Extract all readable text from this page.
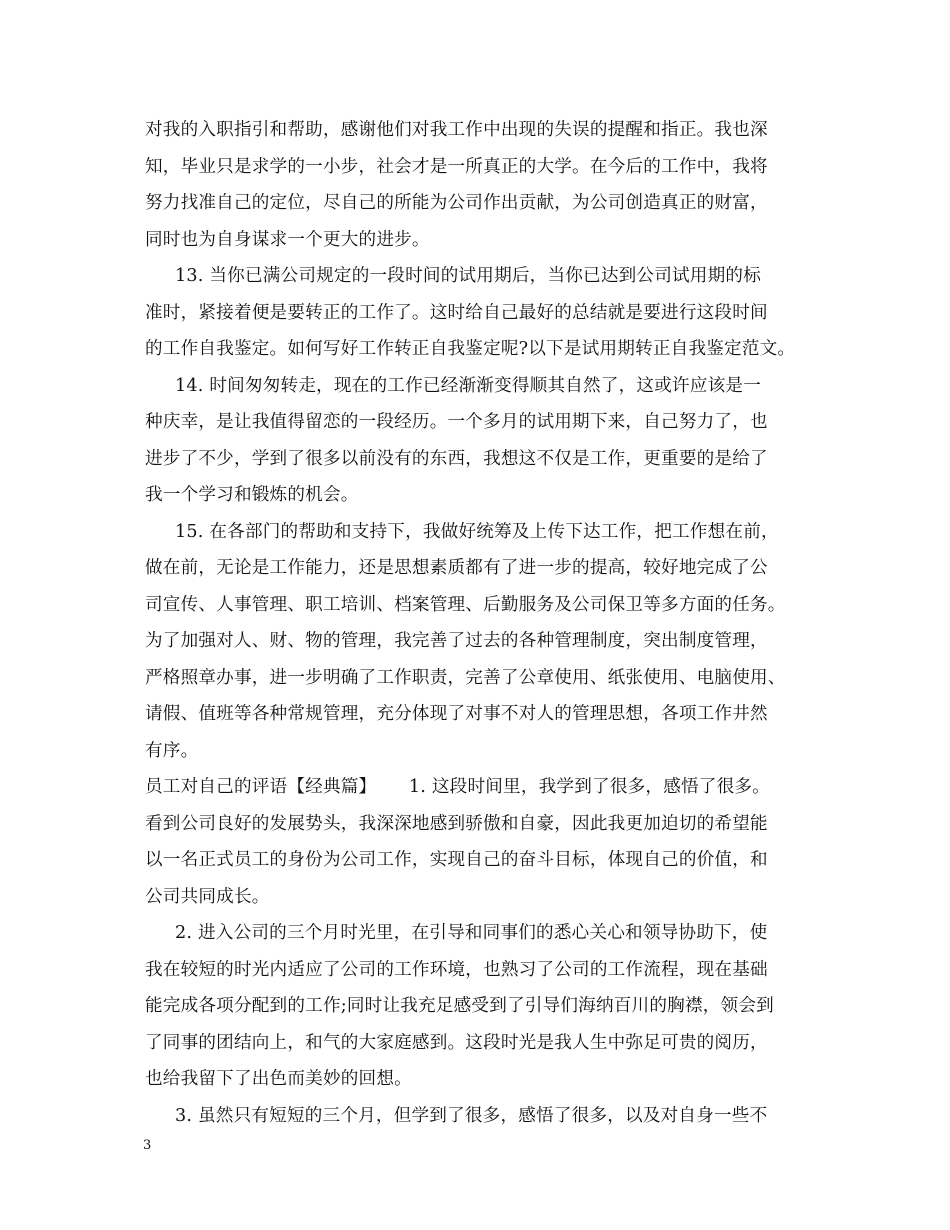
对我的入职指引和帮助，感谢他们对我工作中出现的失误的提醒和指正。我也深
知，毕业只是求学的一小步，社会才是一所真正的大学。在今后的工作中，我将
努力找准自己的定位，尽自己的所能为公司作出贡献，为公司创造真正的财富，
同时也为自身谋求一个更大的进步。
13. 当你已满公司规定的一段时间的试用期后，当你已达到公司试用期的标
准时，紧接着便是要转正的工作了。这时给自己最好的总结就是要进行这段时间
的工作自我鉴定。如何写好工作转正自我鉴定呢?以下是试用期转正自我鉴定范文。
14. 时间匆匆转走，现在的工作已经渐渐变得顺其自然了，这或许应该是一
种庆幸，是让我值得留恋的一段经历。一个多月的试用期下来，自己努力了，也
进步了不少，学到了很多以前没有的东西，我想这不仅是工作，更重要的是给了
我一个学习和锻炼的机会。
15. 在各部门的帮助和支持下，我做好统筹及上传下达工作，把工作想在前，
做在前，无论是工作能力，还是思想素质都有了进一步的提高，较好地完成了公
司宣传、人事管理、职工培训、档案管理、后勤服务及公司保卫等多方面的任务。
为了加强对人、财、物的管理，我完善了过去的各种管理制度，突出制度管理，
严格照章办事，进一步明确了工作职责，完善了公章使用、纸张使用、电脑使用、
请假、值班等各种常规管理，充分体现了对事不对人的管理思想，各项工作井然
有序。
员工对自己的评语【经典篇】　　 1. 这段时间里，我学到了很多，感悟了很多。
看到公司良好的发展势头，我深深地感到骄傲和自豪，因此我更加迫切的希望能
以一名正式员工的身份为公司工作，实现自己的奋斗目标，体现自己的价值，和
公司共同成长。
2. 进入公司的三个月时光里，在引导和同事们的悉心关心和领导协助下，使
我在较短的时光内适应了公司的工作环境，也熟习了公司的工作流程，现在基础
能完成各项分配到的工作;同时让我充足感受到了引导们海纳百川的胸襟，领会到
了同事的团结向上，和气的大家庭感到。这段时光是我人生中弥足可贵的阅历，
也给我留下了出色而美妙的回想。
3. 虽然只有短短的三个月，但学到了很多，感悟了很多，以及对自身一些不
3
